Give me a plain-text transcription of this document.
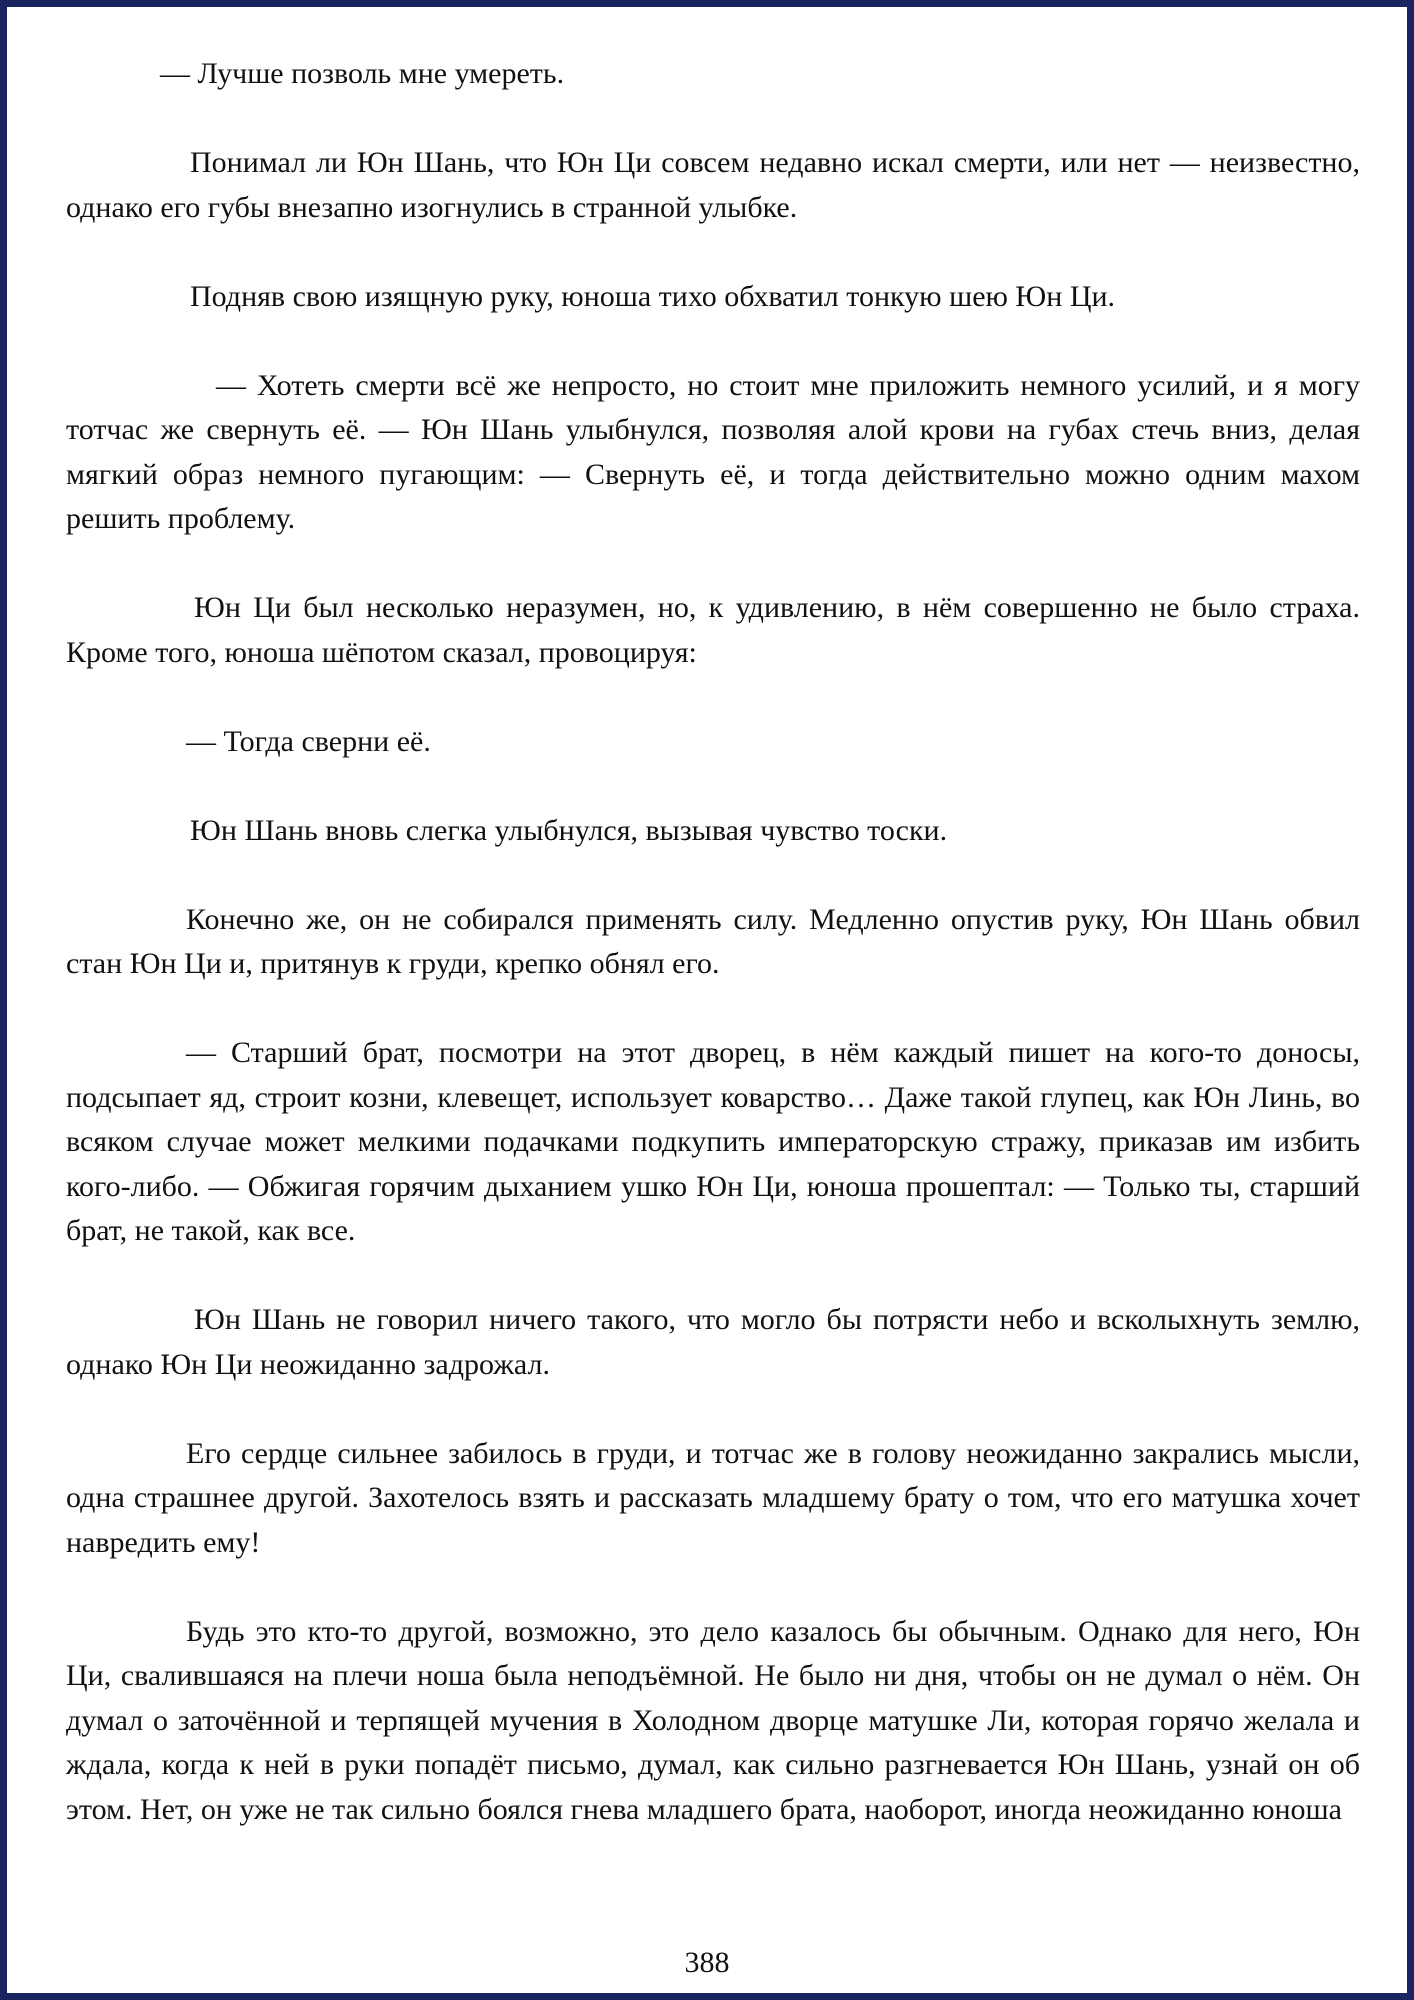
— Лучше позволь мне умереть.

Понимал ли Юн Шань, что Юн Ци совсем недавно искал смерти, или нет — неизвестно, однако его губы внезапно изогнулись в странной улыбке.

Подняв свою изящную руку, юноша тихо обхватил тонкую шею Юн Ци.

— Хотеть смерти всё же непросто, но стоит мне приложить немного усилий, и я могу тотчас же свернуть её. — Юн Шань улыбнулся, позволяя алой крови на губах стечь вниз, делая мягкий образ немного пугающим: — Свернуть её, и тогда действительно можно одним махом решить проблему.

Юн Ци был несколько неразумен, но, к удивлению, в нём совершенно не было страха. Кроме того, юноша шёпотом сказал, провоцируя:

— Тогда сверни её.

Юн Шань вновь слегка улыбнулся, вызывая чувство тоски.

Конечно же, он не собирался применять силу. Медленно опустив руку, Юн Шань обвил стан Юн Ци и, притянув к груди, крепко обнял его.

— Старший брат, посмотри на этот дворец, в нём каждый пишет на кого-то доносы, подсыпает яд, строит козни, клевещет, использует коварство… Даже такой глупец, как Юн Линь, во всяком случае может мелкими подачками подкупить императорскую стражу, приказав им избить кого-либо. — Обжигая горячим дыханием ушко Юн Ци, юноша прошептал: — Только ты, старший брат, не такой, как все.

Юн Шань не говорил ничего такого, что могло бы потрясти небо и всколыхнуть землю, однако Юн Ци неожиданно задрожал.

Его сердце сильнее забилось в груди, и тотчас же в голову неожиданно закрались мысли, одна страшнее другой. Захотелось взять и рассказать младшему брату о том, что его матушка хочет навредить ему!

Будь это кто-то другой, возможно, это дело казалось бы обычным. Однако для него, Юн Ци, свалившаяся на плечи ноша была неподъёмной. Не было ни дня, чтобы он не думал о нём. Он думал о заточённой и терпящей мучения в Холодном дворце матушке Ли, которая горячо желала и ждала, когда к ней в руки попадёт письмо, думал, как сильно разгневается Юн Шань, узнай он об этом. Нет, он уже не так сильно боялся гнева младшего брата, наоборот, иногда неожиданно юноша

388
